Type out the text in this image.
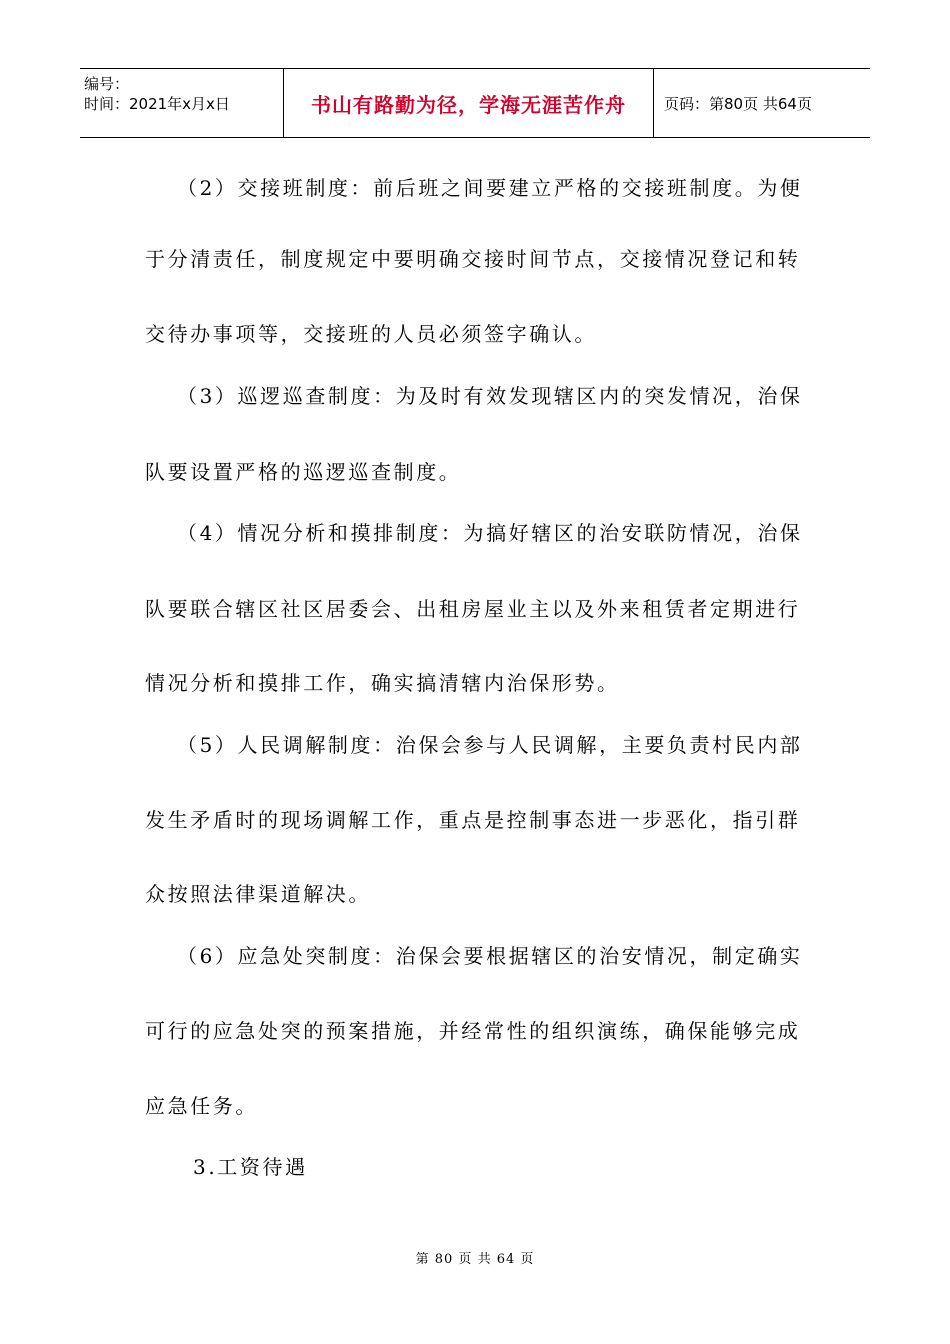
编号：
时间：2021年x月x日	书山有路勤为径，学海无涯苦作舟	页码：第80页 共64页
（2）交接班制度：前后班之间要建立严格的交接班制度。为便
于分清责任，制度规定中要明确交接时间节点，交接情况登记和转
交待办事项等，交接班的人员必须签字确认。
（3）巡逻巡查制度：为及时有效发现辖区内的突发情况，治保
队要设置严格的巡逻巡查制度。
（4）情况分析和摸排制度：为搞好辖区的治安联防情况，治保
队要联合辖区社区居委会、出租房屋业主以及外来租赁者定期进行
情况分析和摸排工作，确实搞清辖内治保形势。
（5）人民调解制度：治保会参与人民调解，主要负责村民内部
发生矛盾时的现场调解工作，重点是控制事态进一步恶化，指引群
众按照法律渠道解决。
（6）应急处突制度：治保会要根据辖区的治安情况，制定确实
可行的应急处突的预案措施，并经常性的组织演练，确保能够完成
应急任务。
3.工资待遇
第 80 页 共 64 页
